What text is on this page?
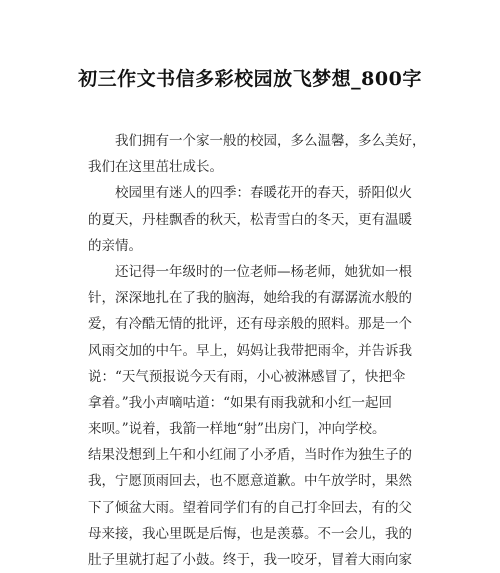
初三作文书信多彩校园放飞梦想_800字
我们拥有一个家一般的校园，多么温馨，多么美好，
我们在这里茁壮成长。
校园里有迷人的四季：春暖花开的春天，骄阳似火
的夏天，丹桂飘香的秋天，松青雪白的冬天，更有温暖
的亲情。
还记得一年级时的一位老师—杨老师，她犹如一根
针，深深地扎在了我的脑海，她给我的有潺潺流水般的
爱，有冷酷无情的批评，还有母亲般的照料。那是一个
风雨交加的中午。早上，妈妈让我带把雨伞，并告诉我
说：“天气预报说今天有雨，小心被淋感冒了，快把伞
拿着。”我小声嘀咕道：“如果有雨我就和小红一起回
来呗。”说着，我箭一样地“射”出房门，冲向学校。
结果没想到上午和小红闹了小矛盾，当时作为独生子的
我，宁愿顶雨回去，也不愿意道歉。中午放学时，果然
下了倾盆大雨。望着同学们有的自己打伞回去，有的父
母来接，我心里既是后悔，也是羡慕。不一会儿，我的
肚子里就打起了小鼓。终于，我一咬牙，冒着大雨向家
